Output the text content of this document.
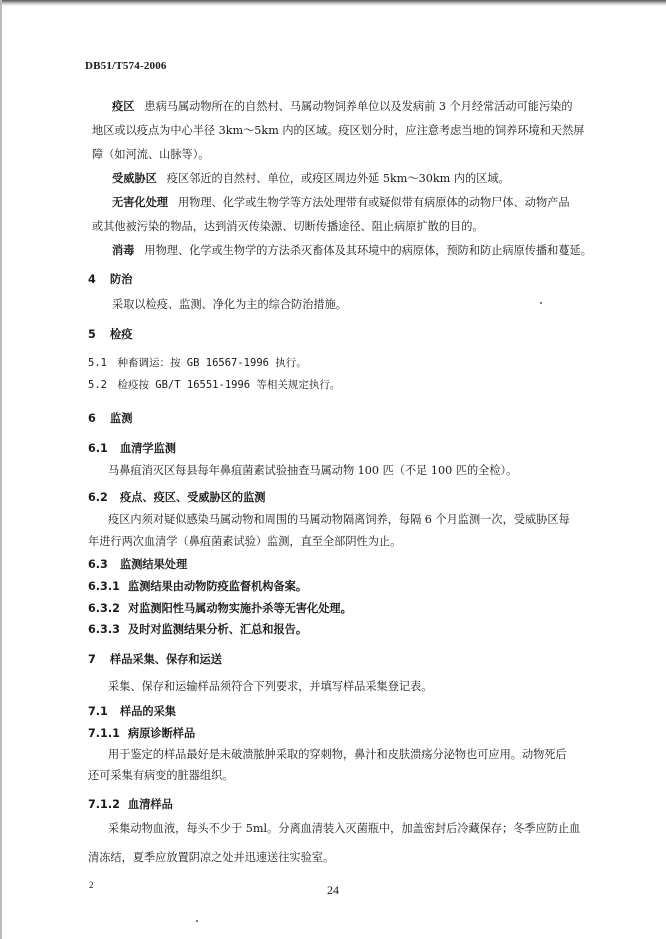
DB51/T574-2006
疫区 患病马属动物所在的自然村、马属动物饲养单位以及发病前 3 个月经常活动可能污染的
地区或以疫点为中心半径 3km～5km 内的区域。疫区划分时，应注意考虑当地的饲养环境和天然屏
障（如河流、山脉等）。
受威胁区 疫区邻近的自然村、单位，或疫区周边外延 5km～30km 内的区域。
无害化处理 用物理、化学或生物学等方法处理带有或疑似带有病原体的动物尸体、动物产品
或其他被污染的物品，达到消灭传染源、切断传播途径、阻止病原扩散的目的。
消毒 用物理、化学或生物学的方法杀灭畜体及其环境中的病原体，预防和防止病原传播和蔓延。
4 防治
采取以检疫、监测、净化为主的综合防治措施。
5 检疫
5.1　种畜调运：按 GB 16567-1996 执行。
5.2　检疫按 GB/T 16551-1996 等相关规定执行。
6 监测
6.1 血清学监测
马鼻疽消灭区每县每年鼻疽菌素试验抽查马属动物 100 匹（不足 100 匹的全检）。
6.2 疫点、疫区、受威胁区的监测
疫区内须对疑似感染马属动物和周围的马属动物隔离饲养，每隔 6 个月监测一次，受威胁区每
年进行两次血清学（鼻疽菌素试验）监测，直至全部阴性为止。
6.3 监测结果处理
6.3.1 监测结果由动物防疫监督机构备案。
6.3.2 对监测阳性马属动物实施扑杀等无害化处理。
6.3.3 及时对监测结果分析、汇总和报告。
7 样品采集、保存和运送
采集、保存和运输样品须符合下列要求，并填写样品采集登记表。
7.1 样品的采集
7.1.1 病原诊断样品
用于鉴定的样品最好是未破溃脓肿采取的穿刺物，鼻汁和皮肤溃疡分泌物也可应用。动物死后
还可采集有病变的脏器组织。
7.1.2 血清样品
采集动物血液，每头不少于 5ml。分离血清装入灭菌瓶中，加盖密封后冷藏保存；冬季应防止血
清冻结，夏季应放置阴凉之处并迅速送往实验室。
2	24
